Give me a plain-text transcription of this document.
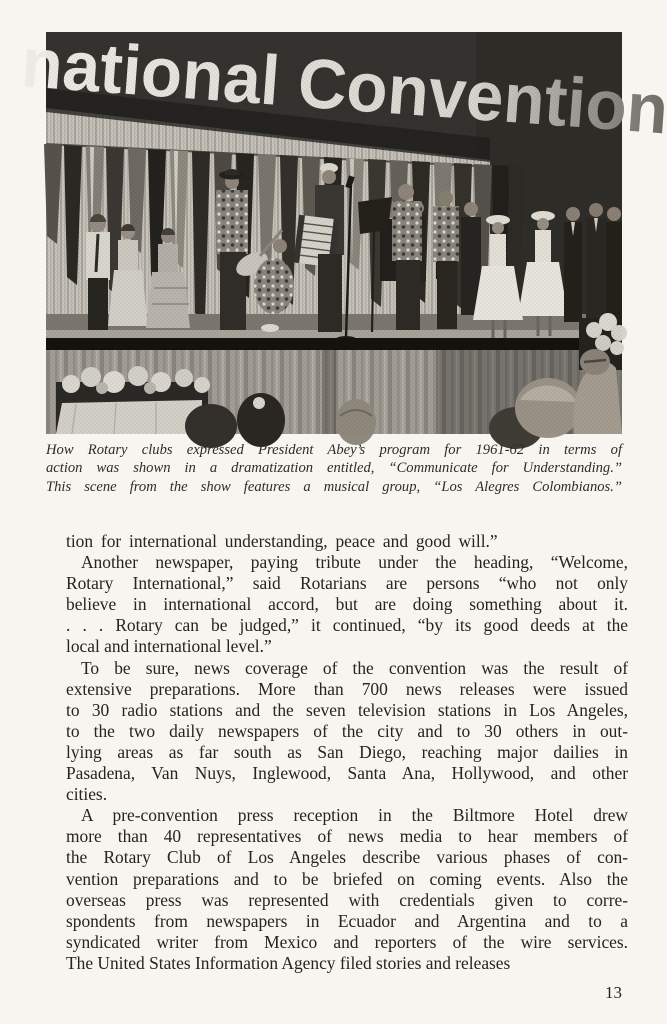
How Rotary clubs expressed President Abey’s program for 1961-62 in terms of
action was shown in a dramatization entitled, “Communicate for Understanding.”
This scene from the show features a musical group, “Los Alegres Colombianos.”
tion for international understanding, peace and good will.”
Another newspaper, paying tribute under the heading, “Welcome,
Rotary International,” said Rotarians are persons “who not only
believe in international accord, but are doing something about it.
. . . Rotary can be judged,” it continued, “by its good deeds at the
local and international level.”
To be sure, news coverage of the convention was the result of
extensive preparations. More than 700 news releases were issued
to 30 radio stations and the seven television stations in Los Angeles,
to the two daily newspapers of the city and to 30 others in out-
lying areas as far south as San Diego, reaching major dailies in
Pasadena, Van Nuys, Inglewood, Santa Ana, Hollywood, and other
cities.
A pre-convention press reception in the Biltmore Hotel drew
more than 40 representatives of news media to hear members of
the Rotary Club of Los Angeles describe various phases of con-
vention preparations and to be briefed on coming events. Also the
overseas press was represented with credentials given to corre-
spondents from newspapers in Ecuador and Argentina and to a
syndicated writer from Mexico and reporters of the wire services.
The United States Information Agency filed stories and releases
13
